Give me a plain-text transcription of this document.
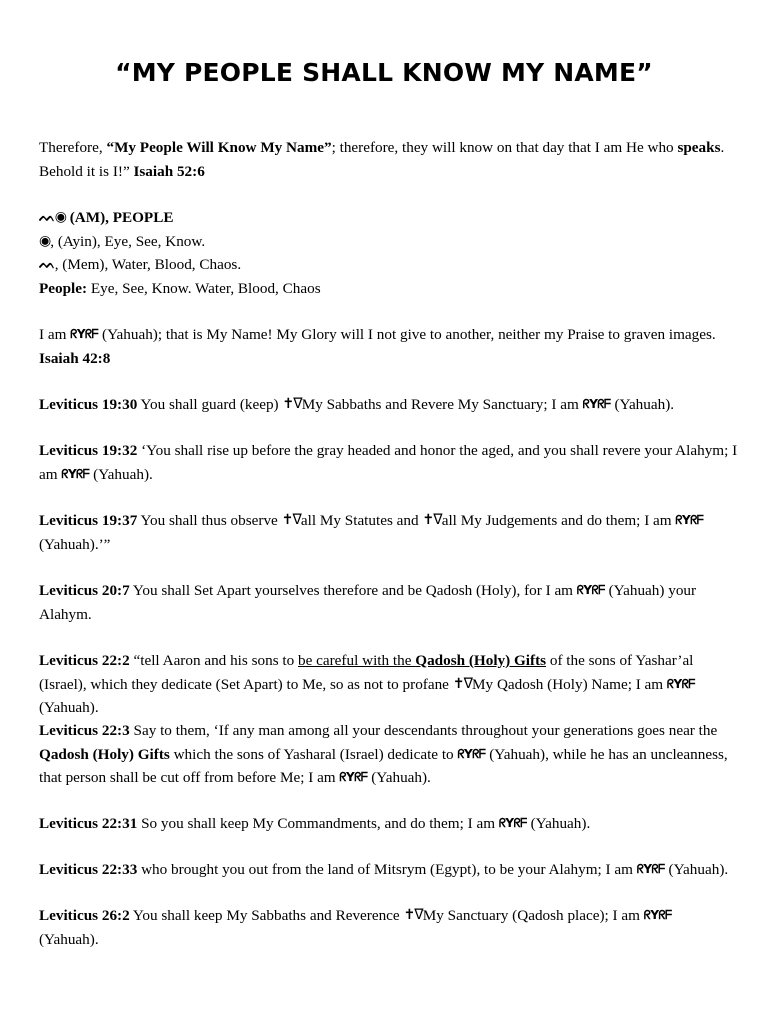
“MY PEOPLE SHALL KNOW MY NAME”
Therefore, “My People Will Know My Name”; therefore, they will know on that day that I am He who speaks.
Behold it is I!” Isaiah 52:6
ᨓ◉ (AM), PEOPLE
◉, (Ayin), Eye, See, Know.
ᨓ, (Mem), Water, Blood, Chaos.
People: Eye, See, Know. Water, Blood, Chaos
I am ᖇYᖇᖴ (Yahuah); that is My Name! My Glory will I not give to another, neither my Praise to graven images.
Isaiah 42:8
Leviticus 19:30 You shall guard (keep) ✝ᐁMy Sabbaths and Revere My Sanctuary; I am ᖇYᖇᖴ (Yahuah).
Leviticus 19:32 ‘You shall rise up before the gray headed and honor the aged, and you shall revere your Alahym; I am ᖇYᖇᖴ (Yahuah).
Leviticus 19:37 You shall thus observe ✝ᐁall My Statutes and ✝ᐁall My Judgements and do them; I am ᖇYᖇᖴ
(Yahuah).’”
Leviticus 20:7 You shall Set Apart yourselves therefore and be Qadosh (Holy), for I am ᖇYᖇᖴ (Yahuah) your Alahym.
Leviticus 22:2 “tell Aaron and his sons to be careful with the Qadosh (Holy) Gifts of the sons of Yashar’al (Israel), which they dedicate (Set Apart) to Me, so as not to profane ✝ᐁMy Qadosh (Holy) Name; I am ᖇYᖇᖴ (Yahuah).
Leviticus 22:3 Say to them, ‘If any man among all your descendants throughout your generations goes near the Qadosh (Holy) Gifts which the sons of Yasharal (Israel) dedicate to ᖇYᖇᖴ (Yahuah), while he has an uncleanness, that person shall be cut off from before Me; I am ᖇYᖇᖴ (Yahuah).
Leviticus 22:31 So you shall keep My Commandments, and do them; I am ᖇYᖇᖴ (Yahuah).
Leviticus 22:33 who brought you out from the land of Mitsrym (Egypt), to be your Alahym; I am ᖇYᖇᖴ (Yahuah).
Leviticus 26:2 You shall keep My Sabbaths and Reverence ✝ᐁMy Sanctuary (Qadosh place); I am ᖇYᖇᖴ
(Yahuah).
